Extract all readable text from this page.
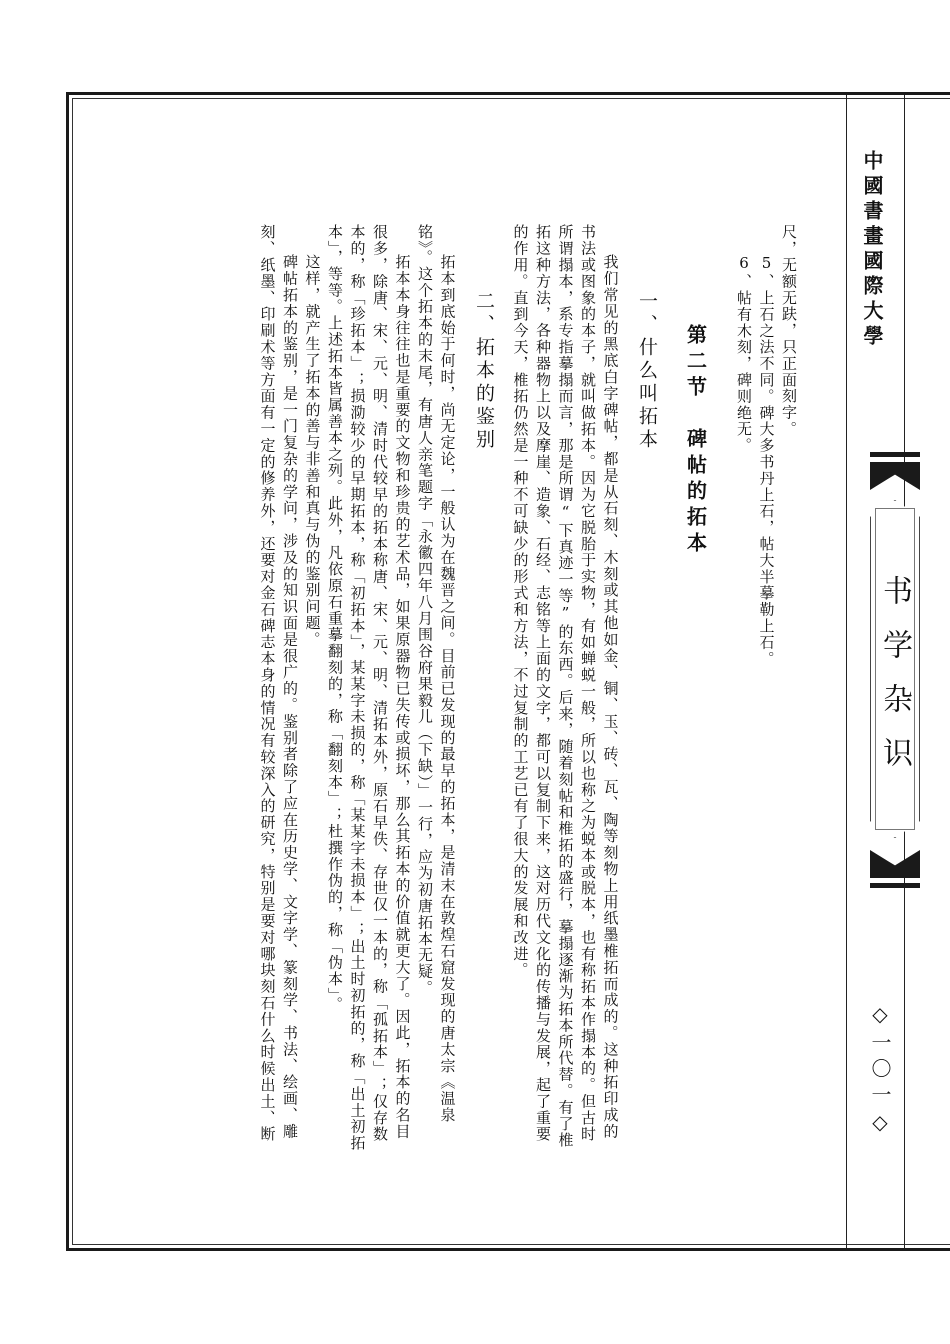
尺，无额无趺，只正面刻字。

5、上石之法不同。碑大多书丹上石，帖大半摹勒上石。

6、帖有木刻，碑则绝无。

第二节　碑帖的拓本

一、什么叫拓本

我们常见的黑底白字碑帖，都是从石刻、木刻或其他如金、铜、玉、砖、瓦、陶等刻物上用纸墨椎拓而成的。这种拓印成的书法或图象的本子，就叫做拓本。因为它脱胎于实物，有如蝉蜕一般，所以也称之为蜕本或脱本，也有称拓本作搨本的。但古时所谓搨本，系专指摹搨而言，那是所谓“下真迹一等”的东西。后来，随着刻帖和椎拓的盛行，摹搨逐渐为拓本所代替。有了椎拓这种方法，各种器物上以及摩崖、造象、石经、志铭等上面的文字，都可以复制下来，这对历代文化的传播与发展，起了重要的作用。直到今天，椎拓仍然是一种不可缺少的形式和方法，不过复制的工艺已有了很大的发展和改进。

二、拓本的鉴别

拓本到底始于何时，尚无定论，一般认为在魏晋之间。目前已发现的最早的拓本，是清末在敦煌石窟发现的唐太宗《温泉铭》。这个拓本的末尾，有唐人亲笔题字「永徽四年八月围谷府果毅儿（下缺）」一行，应为初唐拓本无疑。

拓本本身往往也是重要的文物和珍贵的艺术品，如果原器物已失传或损坏，那么其拓本的价值就更大了。因此，拓本的名目很多，除唐、宋、元、明、清时代较早的拓本称唐、宋、元、明、清拓本外，原石早佚、存世仅一本的，称「孤拓本」；仅存数本的，称「珍拓本」；损泐较少的早期拓本，称「初拓本」，某某字未损的，称「某某字未损本」；出土时初拓的，称「出土初拓本」，等等。上述拓本皆属善本之列。此外，凡依原石重摹翻刻的，称「翻刻本」；杜撰作伪的，称「伪本」。

这样，就产生了拓本的善与非善和真与伪的鉴别问题。

碑帖拓本的鉴别，是一门复杂的学问，涉及的知识面是很广的。鉴别者除了应在历史学、文字学、篆刻学、书法、绘画、雕刻、纸墨、印刷术等方面有一定的修养外，还要对金石碑志本身的情况有较深入的研究，特别是要对哪块刻石什么时候出土、断	中國書畫國際大學
书学杂识
◇一〇一◇
